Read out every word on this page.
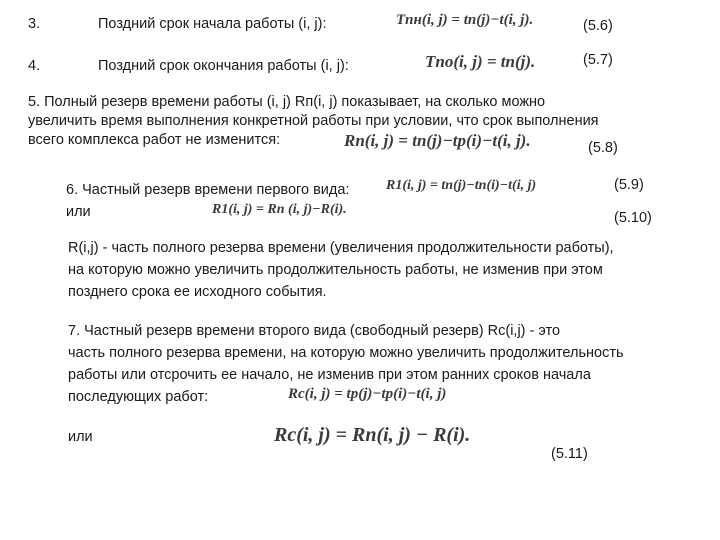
3.	Поздний срок начала работы (i, j):	Tпн(i, j) = tп(j)−t(i, j).	(5.6)
4.	Поздний срок окончания работы (i, j):	Tпо(i, j) = tп(j).	(5.7)
5. Полный резерв времени работы (i, j) Rп(i, j) показывает, на сколько можно
увеличить время выполнения конкретной работы при условии, что срок выполнения
всего комплекса работ не изменится:	Rп(i, j) = tп(j)−tр(i)−t(i, j).	(5.8)
6. Частный резерв времени первого вида:	R1(i, j) = tп(j)−tп(i)−t(i, j)	(5.9)
или	R1(i, j) = Rп (i, j)−R(i).
(5.10)
R(i,j) - часть полного резерва времени (увеличения продолжительности работы),
на которую можно увеличить продолжительность работы, не изменив при этом
позднего срока ее исходного события.
7. Частный резерв времени второго вида (свободный резерв) Rc(i,j) - это
часть полного резерва времени, на которую можно увеличить продолжительность
работы или отсрочить ее начало, не изменив при этом ранних сроков начала
последующих работ:	Rc(i, j) = tр(j)−tр(i)−t(i, j)
или	Rc(i, j) = Rп(i, j) − R(i).
(5.11)
